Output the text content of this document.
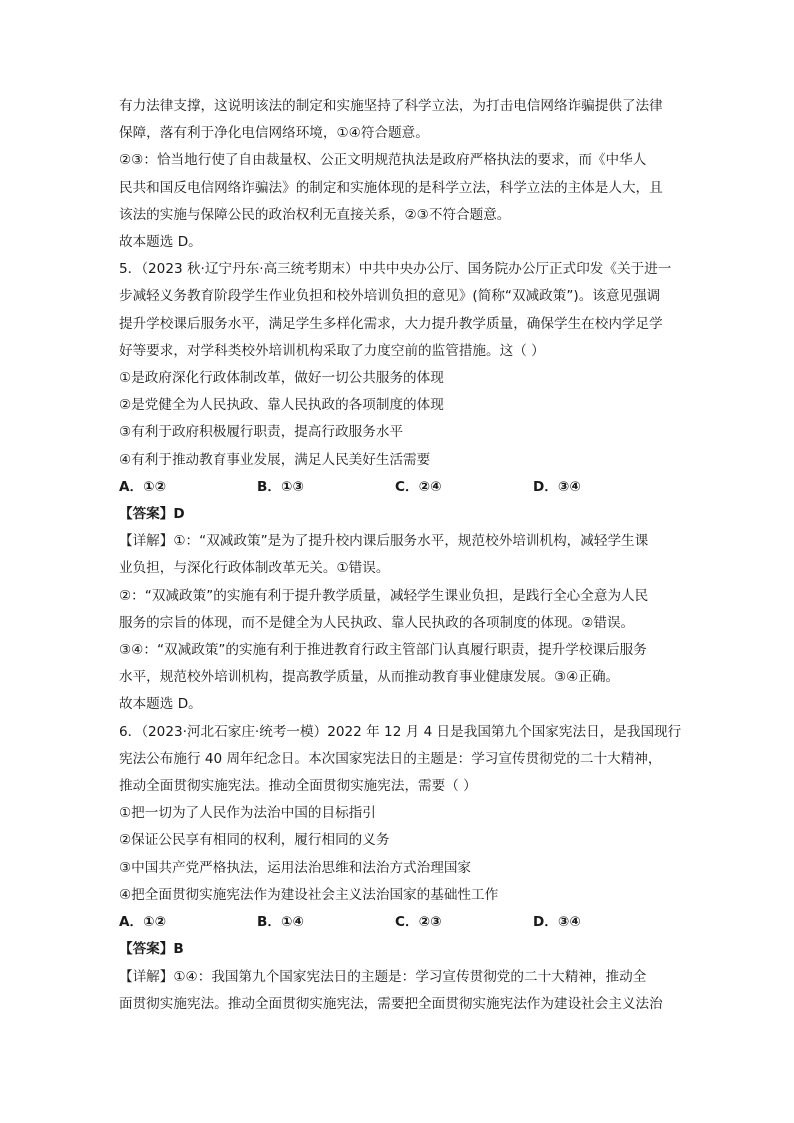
有力法律支撑，这说明该法的制定和实施坚持了科学立法，为打击电信网络诈骗提供了法律
保障，落有利于净化电信网络环境，①④符合题意。
②③：恰当地行使了自由裁量权、公正文明规范执法是政府严格执法的要求，而《中华人
民共和国反电信网络诈骗法》的制定和实施体现的是科学立法，科学立法的主体是人大，且
该法的实施与保障公民的政治权利无直接关系，②③不符合题意。
故本题选 D。
5．（2023 秋·辽宁丹东·高三统考期末）中共中央办公厅、国务院办公厅正式印发《关于进一
步减轻义务教育阶段学生作业负担和校外培训负担的意见》(简称“双减政策”)。该意见强调
提升学校课后服务水平，满足学生多样化需求，大力提升教学质量，确保学生在校内学足学
好等要求，对学科类校外培训机构采取了力度空前的监管措施。这（ ）
①是政府深化行政体制改革，做好一切公共服务的体现
②是党健全为人民执政、靠人民执政的各项制度的体现
③有利于政府积极履行职责，提高行政服务水平
④有利于推动教育事业发展，满足人民美好生活需要
A．①②	B．①③	C．②④	D．③④
【答案】D
【详解】①：“双减政策”是为了提升校内课后服务水平，规范校外培训机构，减轻学生课
业负担，与深化行政体制改革无关。①错误。
②：“双减政策”的实施有利于提升教学质量，减轻学生课业负担，是践行全心全意为人民
服务的宗旨的体现，而不是健全为人民执政、靠人民执政的各项制度的体现。②错误。
③④：“双减政策”的实施有利于推进教育行政主管部门认真履行职责，提升学校课后服务
水平，规范校外培训机构，提高教学质量，从而推动教育事业健康发展。③④正确。
故本题选 D。
6．（2023·河北石家庄·统考一模）2022 年 12 月 4 日是我国第九个国家宪法日，是我国现行
宪法公布施行 40 周年纪念日。本次国家宪法日的主题是：学习宣传贯彻党的二十大精神，
推动全面贯彻实施宪法。推动全面贯彻实施宪法，需要（ ）
①把一切为了人民作为法治中国的目标指引
②保证公民享有相同的权利，履行相同的义务
③中国共产党严格执法，运用法治思维和法治方式治理国家
④把全面贯彻实施宪法作为建设社会主义法治国家的基础性工作
A．①②	B．①④	C．②③	D．③④
【答案】B
【详解】①④：我国第九个国家宪法日的主题是：学习宣传贯彻党的二十大精神，推动全
面贯彻实施宪法。推动全面贯彻实施宪法，需要把全面贯彻实施宪法作为建设社会主义法治
